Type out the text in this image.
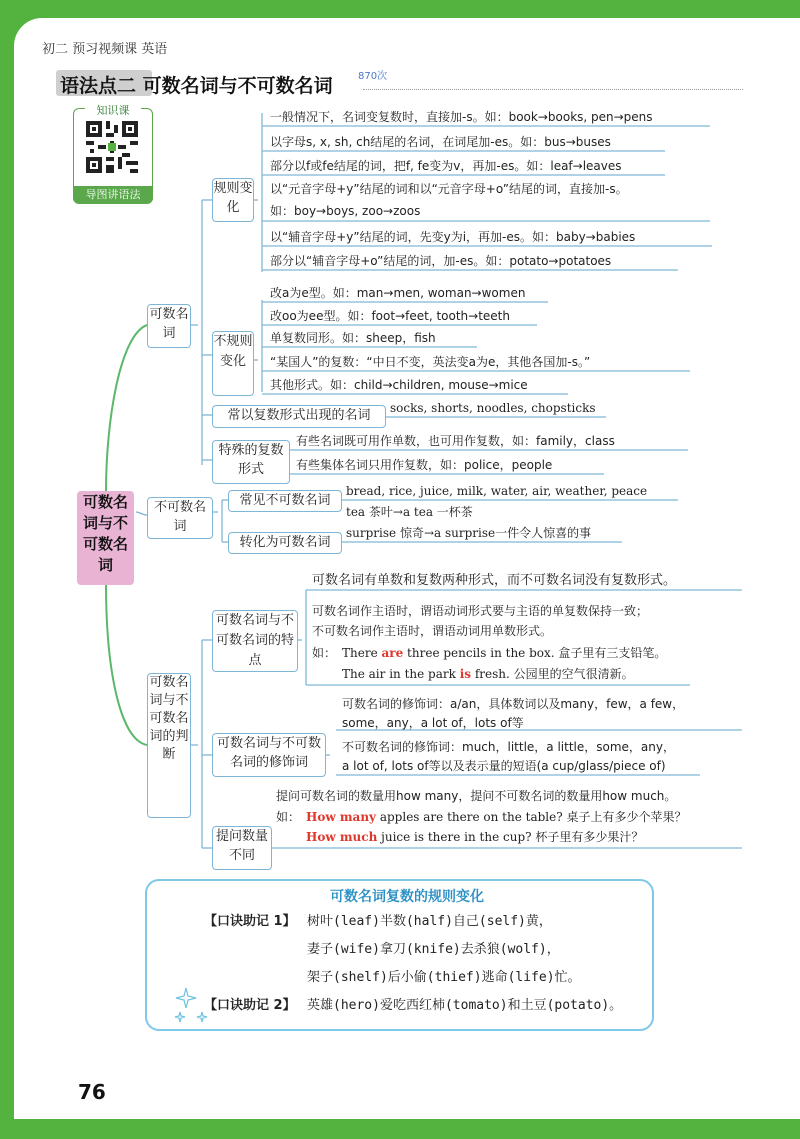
初二 预习视频课 英语
语法点二 可数名词与不可数名词	870次
知识课
导图讲语法
可数名词与不可数名词
可数名词
不可数名词
可数名词与不可数名词的判断
规则变化
不规则变化
常以复数形式出现的名词
特殊的复数形式
一般情况下，名词变复数时，直接加-s。如：book→books, pen→pens
以字母s, x, sh, ch结尾的名词，在词尾加-es。如：bus→buses
部分以f或fe结尾的词，把f, fe变为v，再加-es。如：leaf→leaves
以“元音字母+y”结尾的词和以“元音字母+o”结尾的词，直接加-s。
如：boy→boys, zoo→zoos
以“辅音字母+y”结尾的词，先变y为i，再加-es。如：baby→babies
部分以“辅音字母+o”结尾的词，加-es。如：potato→potatoes
改a为e型。如：man→men, woman→women
改oo为ee型。如：foot→feet, tooth→teeth
单复数同形。如：sheep，fish
“某国人”的复数：“中日不变，英法变a为e，其他各国加-s。”
其他形式。如：child→children, mouse→mice
socks, shorts, noodles, chopsticks
有些名词既可用作单数，也可用作复数，如：family，class
有些集体名词只用作复数，如：police，people
常见不可数名词
转化为可数名词
bread, rice, juice, milk, water, air, weather, peace
tea 茶叶→a tea 一杯茶
surprise 惊奇→a surprise一件令人惊喜的事
可数名词与不可数名词的特点
可数名词与不可数名词的修饰词
提问数量不同
可数名词有单数和复数两种形式，而不可数名词没有复数形式。
可数名词作主语时，谓语动词形式要与主语的单复数保持一致；
不可数名词作主语时，谓语动词用单数形式。
如： There are three pencils in the box. 盒子里有三支铅笔。
The air in the park is fresh. 公园里的空气很清新。
可数名词的修饰词：a/an，具体数词以及many，few，a few，
some，any，a lot of，lots of等
不可数名词的修饰词：much，little，a little，some，any，
a lot of, lots of等以及表示量的短语(a cup/glass/piece of)
提问可数名词的数量用how many，提问不可数名词的数量用how much。
如： How many apples are there on the table? 桌子上有多少个苹果？
How much juice is there in the cup? 杯子里有多少果汁？
可数名词复数的规则变化
【口诀助记 1】 树叶(leaf)半数(half)自己(self)黄，
妻子(wife)拿刀(knife)去杀狼(wolf)，
架子(shelf)后小偷(thief)逃命(life)忙。
【口诀助记 2】 英雄(hero)爱吃西红柿(tomato)和土豆(potato)。
76
